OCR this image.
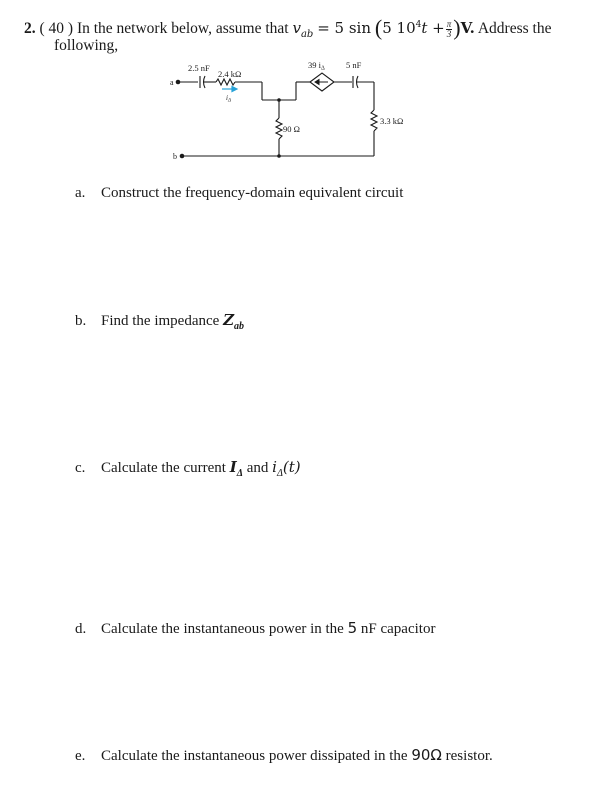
2. ( 40 ) In the network below, assume that $v_{ab} = 5$ sin (5 $10^4t + \frac{\pi}{3} )V$. Address the
following,
a
b
2.5 nF
2.4 kΩ
$i_\Delta$
39 iΔ 5 nF
90 Ω
3.3 kΩ
a. Construct the frequency-domain equivalent circuit
b. Find the impedance $Z_{ab}$
c. Calculate the current $I_\Delta$ and $i_\Delta(t)$
d. Calculate the instantaneous power in the 5 nF capacitor
e. Calculate the instantaneous power dissipated in the 90Ω resistor.
